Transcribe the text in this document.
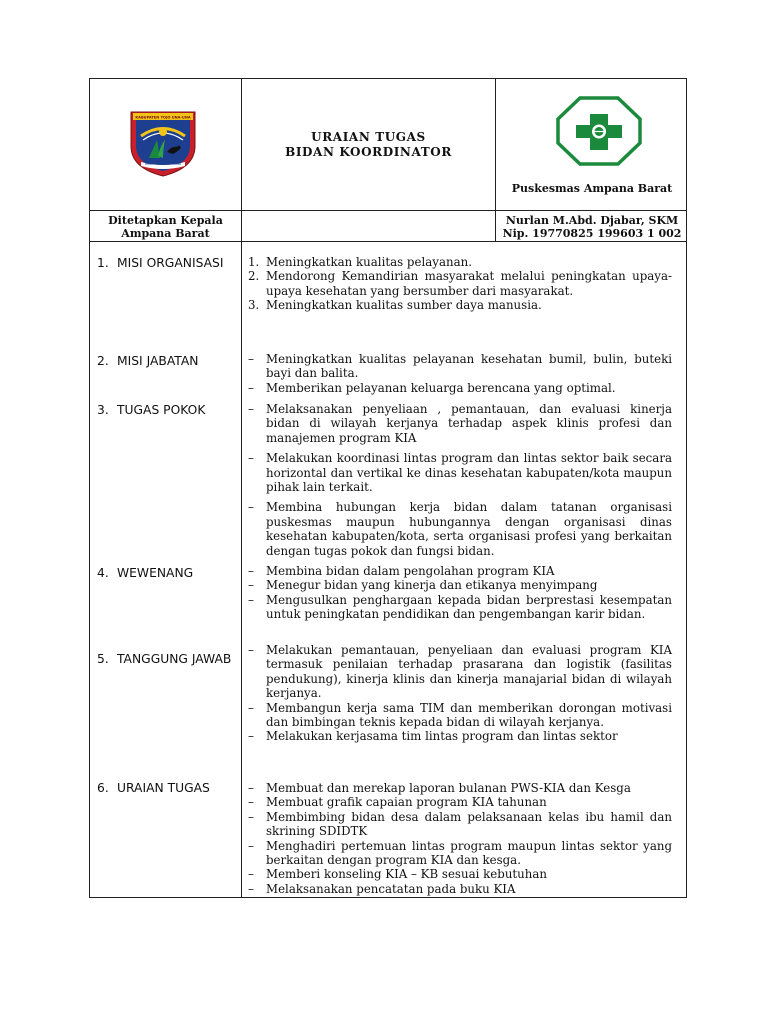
KABUPATEN TOJO UNA-UNA
URAIAN TUGAS
BIDAN KOORDINATOR
Puskesmas Ampana Barat
Ditetapkan Kepala
Ampana Barat
Nurlan M.Abd. Djabar, SKM
Nip. 19770825 199603 1 002
1. MISI ORGANISASI
2. MISI JABATAN
3. TUGAS POKOK
4. WEWENANG
5. TANGGUNG JAWAB
6. URAIAN TUGAS
1. Meningkatkan kualitas pelayanan.
2. Mendorong Kemandirian masyarakat melalui peningkatan upaya-upaya kesehatan yang bersumber dari masyarakat.
3. Meningkatkan kualitas sumber daya manusia.
– Meningkatkan kualitas pelayanan kesehatan bumil, bulin, buteki bayi dan balita.
– Memberikan pelayanan keluarga berencana yang optimal.
– Melaksanakan penyeliaan , pemantauan, dan evaluasi kinerja bidan di wilayah kerjanya terhadap aspek klinis profesi dan manajemen program KIA
– Melakukan koordinasi lintas program dan lintas sektor baik secara horizontal dan vertikal ke dinas kesehatan kabupaten/kota maupun pihak lain terkait.
– Membina hubungan kerja bidan dalam tatanan organisasi puskesmas maupun hubungannya dengan organisasi dinas kesehatan kabupaten/kota, serta organisasi profesi yang berkaitan dengan tugas pokok dan fungsi bidan.
– Membina bidan dalam pengolahan program KIA
– Menegur bidan yang kinerja dan etikanya menyimpang
– Mengusulkan penghargaan kepada bidan berprestasi kesempatan untuk peningkatan pendidikan dan pengembangan karir bidan.
– Melakukan pemantauan, penyeliaan dan evaluasi program KIA termasuk penilaian terhadap prasarana dan logistik (fasilitas pendukung), kinerja klinis dan kinerja manajarial bidan di wilayah kerjanya.
– Membangun kerja sama TIM dan memberikan dorongan motivasi dan bimbingan teknis kepada bidan di wilayah kerjanya.
– Melakukan kerjasama tim lintas program dan lintas sektor
– Membuat dan merekap laporan bulanan PWS-KIA dan Kesga
– Membuat grafik capaian program KIA tahunan
– Membimbing bidan desa dalam pelaksanaan kelas ibu hamil dan skrining SDIDTK
– Menghadiri pertemuan lintas program maupun lintas sektor yang berkaitan dengan program KIA dan kesga.
– Memberi konseling KIA – KB sesuai kebutuhan
– Melaksanakan pencatatan pada buku KIA
